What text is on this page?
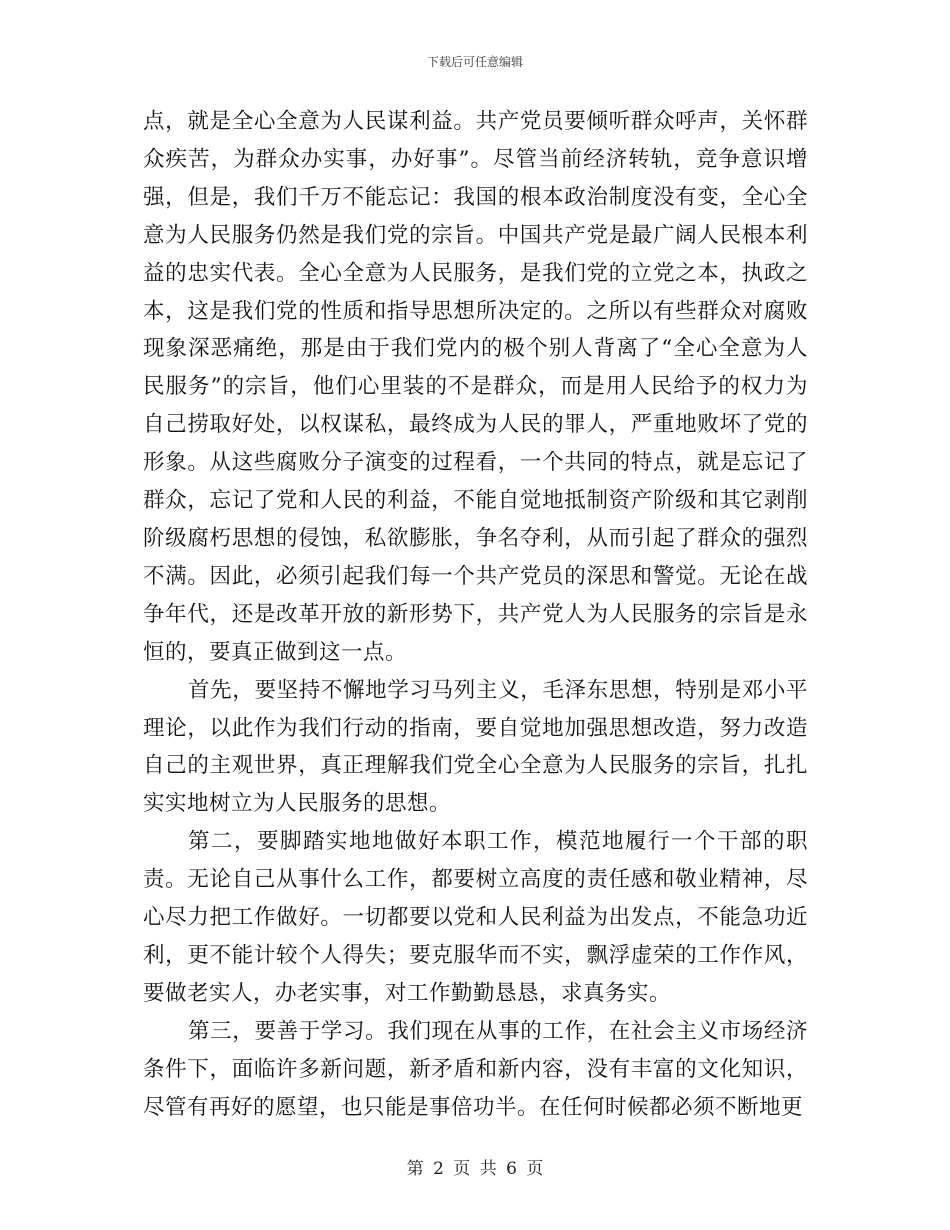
下载后可任意编辑

点，就是全心全意为人民谋利益。共产党员要倾听群众呼声，关怀群众疾苦，为群众办实事，办好事”。尽管当前经济转轨，竞争意识增强，但是，我们千万不能忘记：我国的根本政治制度没有变，全心全意为人民服务仍然是我们党的宗旨。中国共产党是最广阔人民根本利益的忠实代表。全心全意为人民服务，是我们党的立党之本，执政之本，这是我们党的性质和指导思想所决定的。之所以有些群众对腐败现象深恶痛绝，那是由于我们党内的极个别人背离了“全心全意为人民服务”的宗旨，他们心里装的不是群众，而是用人民给予的权力为自己捞取好处，以权谋私，最终成为人民的罪人，严重地败坏了党的形象。从这些腐败分子演变的过程看，一个共同的特点，就是忘记了群众，忘记了党和人民的利益，不能自觉地抵制资产阶级和其它剥削阶级腐朽思想的侵蚀，私欲膨胀，争名夺利，从而引起了群众的强烈不满。因此，必须引起我们每一个共产党员的深思和警觉。无论在战争年代，还是改革开放的新形势下，共产党人为人民服务的宗旨是永恒的，要真正做到这一点。

首先，要坚持不懈地学习马列主义，毛泽东思想，特别是邓小平理论，以此作为我们行动的指南，要自觉地加强思想改造，努力改造自己的主观世界，真正理解我们党全心全意为人民服务的宗旨，扎扎实实地树立为人民服务的思想。

第二，要脚踏实地地做好本职工作，模范地履行一个干部的职责。无论自己从事什么工作，都要树立高度的责任感和敬业精神，尽心尽力把工作做好。一切都要以党和人民利益为出发点，不能急功近利，更不能计较个人得失；要克服华而不实，飘浮虚荣的工作作风，要做老实人，办老实事，对工作勤勤恳恳，求真务实。

第三，要善于学习。我们现在从事的工作，在社会主义市场经济条件下，面临许多新问题，新矛盾和新内容，没有丰富的文化知识，尽管有再好的愿望，也只能是事倍功半。在任何时候都必须不断地更

第 2 页 共 6 页
